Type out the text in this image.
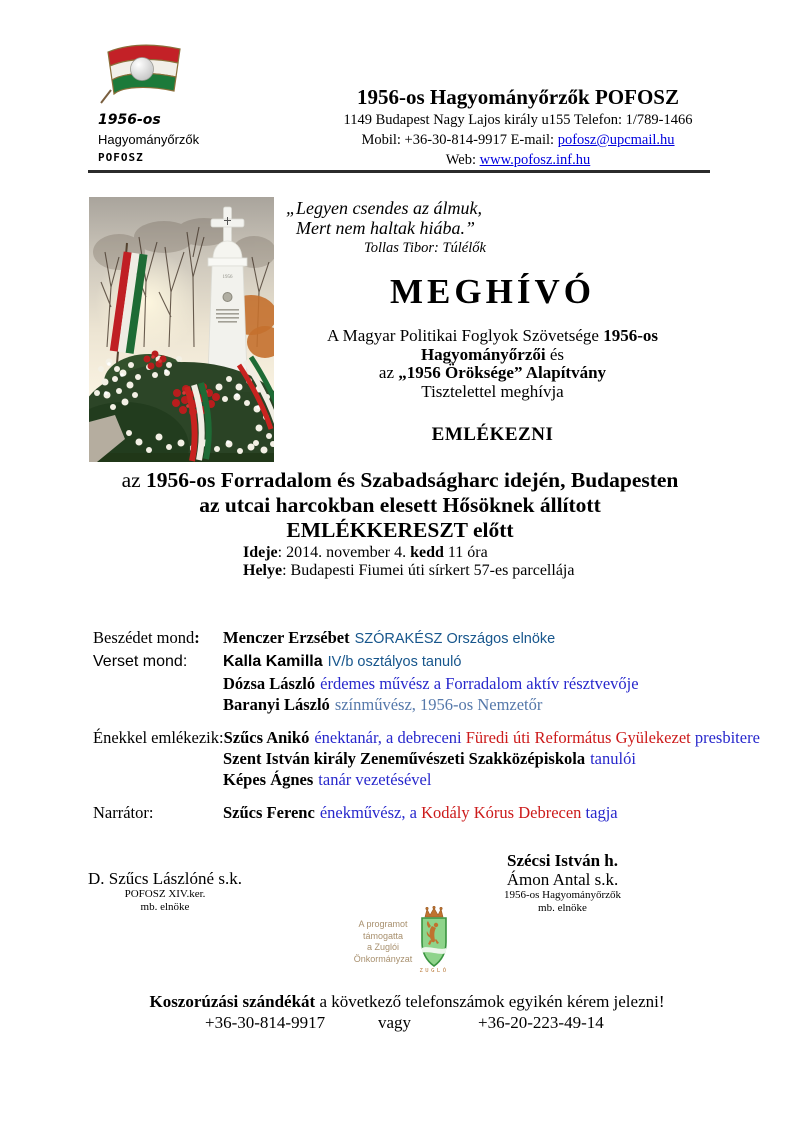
1956-os
Hagyományőrzők
POFOSZ
1956-os Hagyományőrzők POFOSZ
1149 Budapest Nagy Lajos király u155 Telefon: 1/789-1466
Mobil: +36-30-814-9917 E-mail: pofosz@upcmail.hu
Web: www.pofosz.inf.hu
1956
„Legyen csendes az álmuk,
Mert nem haltak hiába.”
Tollas Tibor: Túlélők
MEGHÍVÓ
A Magyar Politikai Foglyok Szövetsége 1956-os
Hagyományőrzői és
az „1956 Öröksége” Alapítvány
Tisztelettel meghívja
EMLÉKEZNI
az 1956-os Forradalom és Szabadságharc idején, Budapesten
az utcai harcokban elesett Hősöknek állított
EMLÉKKERESZT előtt
Ideje: 2014. november 4. kedd 11 óra
Helye: Budapesti Fiumei úti sírkert 57-es parcellája
Beszédet mond:	Menczer Erzsébet SZÓRAKÉSZ Országos elnöke
Verset mond:	Kalla Kamilla IV/b osztályos tanuló
Dózsa László érdemes művész a Forradalom aktív résztvevője
Baranyi László színművész, 1956-os Nemzetőr
Énekkel emlékezik: Szűcs Anikó énektanár, a debreceni Füredi úti Református Gyülekezet presbitere
Szent István király Zeneművészeti Szakközépiskola tanulói
Képes Ágnes tanár vezetésével
Narrátor:	Szűcs Ferenc énekművész, a Kodály Kórus Debrecen tagja
D. Szűcs Lászlóné s.k.
POFOSZ XIV.ker.
mb. elnöke
Szécsi István h.
Ámon Antal s.k.
1956-os Hagyományőrzők
mb. elnöke
A programot
támogatta
a Zuglói
Önkormányzat
ZUGLÓ
Koszorúzási szándékát a következő telefonszámok egyikén kérem jelezni!
+36-30-814-9917	vagy	+36-20-223-49-14
